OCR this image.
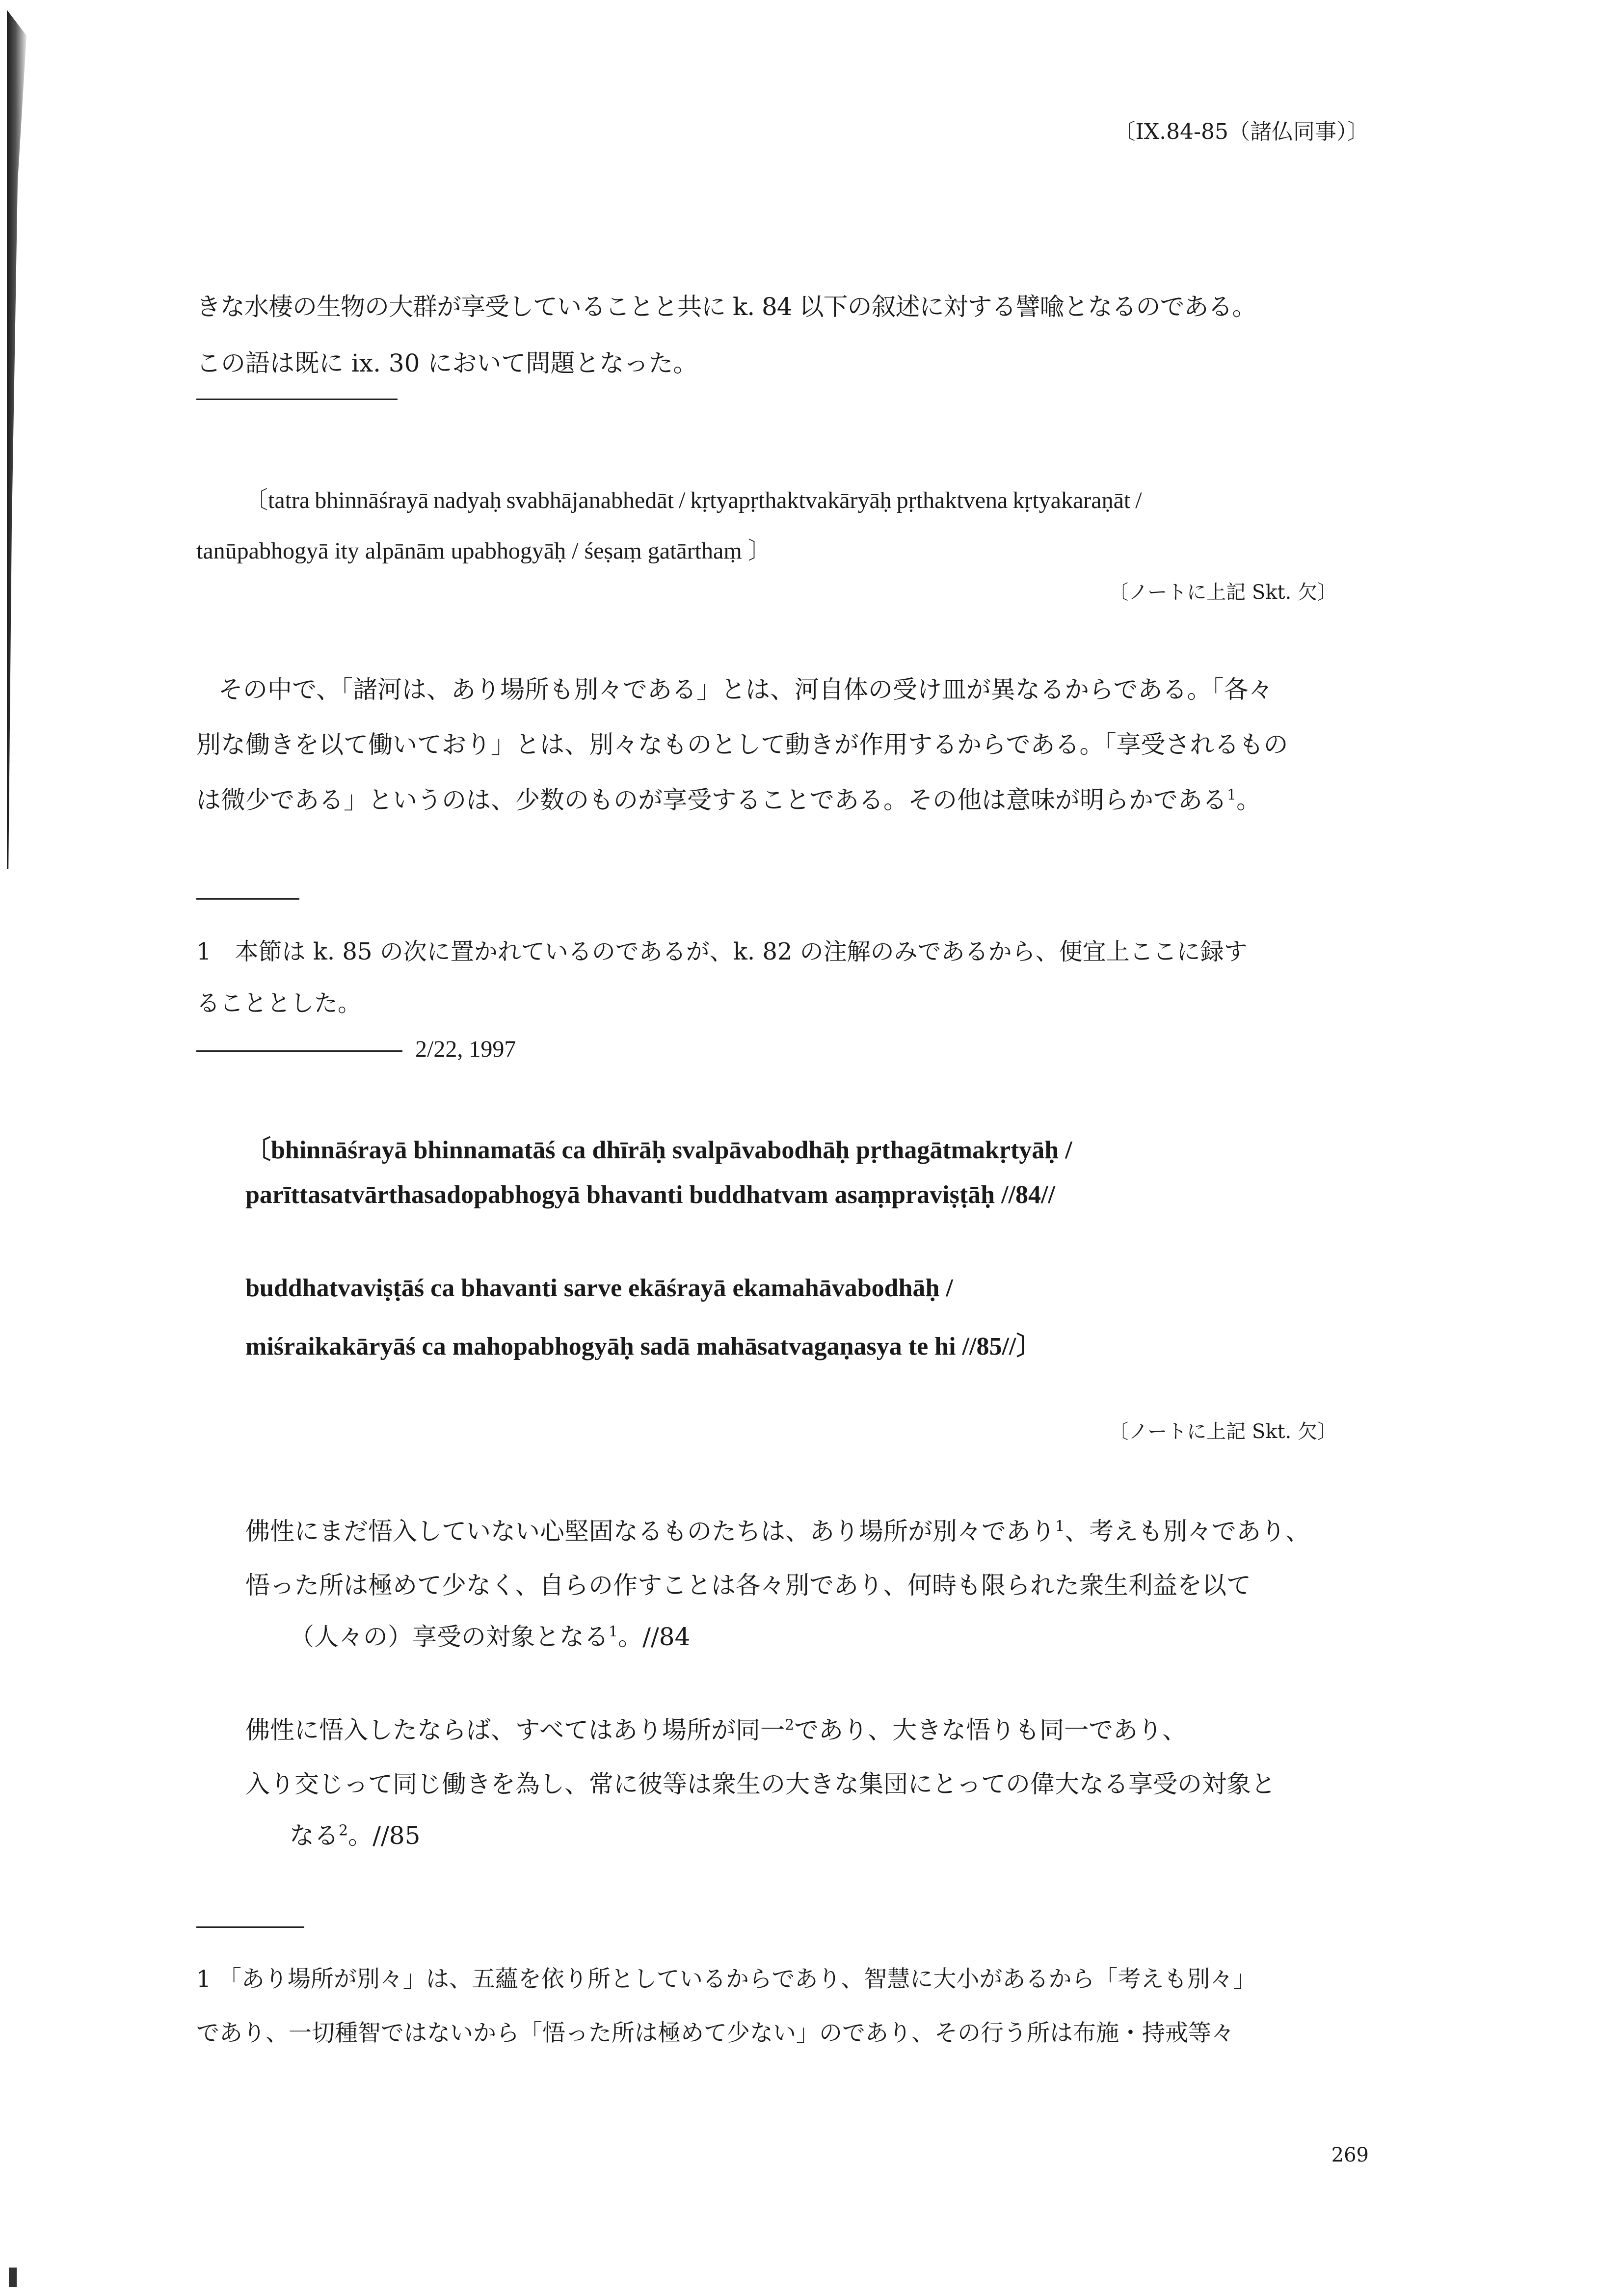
〔IX.84-85（諸仏同事）〕
きな水棲の生物の大群が享受していることと共に k. 84 以下の叙述に対する譬喩となるのである。
この語は既に ix. 30 において問題となった。
〔tatra bhinnāśrayā nadyaḥ svabhājanabhedāt / kṛtyapṛthaktvakāryāḥ pṛthaktvena kṛtyakaraṇāt /
tanūpabhogyā ity alpānām upabhogyāḥ / śeṣaṃ gatārthaṃ 〕
〔ノートに上記 Skt. 欠〕
その中で、「諸河は、あり場所も別々である」とは、河自体の受け皿が異なるからである。「各々
別な働きを以て働いており」とは、別々なものとして動きが作用するからである。「享受されるもの
は微少である」というのは、少数のものが享受することである。その他は意味が明らかである$^1$。
1　本節は k. 85 の次に置かれているのであるが、k. 82 の注解のみであるから、便宜上ここに録す
ることとした。
2/22, 1997
〔bhinnāśrayā bhinnamatāś ca dhīrāḥ svalpāvabodhāḥ pṛthagātmakṛtyāḥ /
parīttasatvārthasadopabhogyā bhavanti buddhatvam asaṃpraviṣṭāḥ //84//
buddhatvaviṣṭāś ca bhavanti sarve ekāśrayā ekamahāvabodhāḥ /
miśraikakāryāś ca mahopabhogyāḥ sadā mahāsatvagaṇasya te hi //85//〕
〔ノートに上記 Skt. 欠〕
佛性にまだ悟入していない心堅固なるものたちは、あり場所が別々であり$^1$、考えも別々であり、
悟った所は極めて少なく、自らの作すことは各々別であり、何時も限られた衆生利益を以て
（人々の）享受の対象となる$^1$。//84
佛性に悟入したならば、すべてはあり場所が同一$^2$であり、大きな悟りも同一であり、
入り交じって同じ働きを為し、常に彼等は衆生の大きな集団にとっての偉大なる享受の対象と
なる$^2$。//85
1 「あり場所が別々」は、五蘊を依り所としているからであり、智慧に大小があるから「考えも別々」
であり、一切種智ではないから「悟った所は極めて少ない」のであり、その行う所は布施・持戒等々
269
